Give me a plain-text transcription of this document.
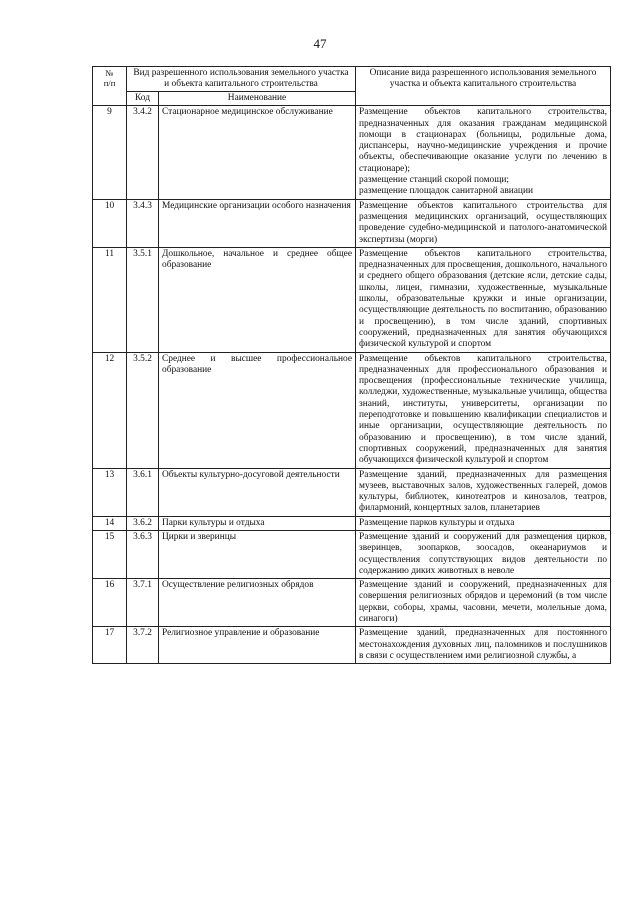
47
№
п/п	Вид разрешенного использования земельного участка и объекта капитального строительства		Описание вида разрешенного использования земельного участка и объекта капитального строительства
	Код	Наименование	
9	3.4.2	Стационарное медицинское обслуживание	Размещение объектов капитального строительства, предназначенных для оказания гражданам медицинской помощи в стационарах (больницы, родильные дома, диспансеры, научно-медицинские учреждения и прочие объекты, обеспечивающие оказание услуги по лечению в стационаре);

размещение станций скорой помощи;

размещение площадок санитарной авиации

10	3.4.3	Медицинские организации особого назначения	Размещение объектов капитального строительства для размещения медицинских организаций, осуществляющих проведение судебно-медицинской и патолого-анатомической экспертизы (морги)

11	3.5.1	Дошкольное, начальное и среднее общее образование	Размещение объектов капитального строительства, предназначенных для просвещения, дошкольного, начального и среднего общего образования (детские ясли, детские сады, школы, лицеи, гимназии, художественные, музыкальные школы, образовательные кружки и иные организации, осуществляющие деятельность по воспитанию, образованию и просвещению), в том числе зданий, спортивных сооружений, предназначенных для занятия обучающихся физической культурой и спортом

12	3.5.2	Среднее и высшее профессиональное образование	Размещение объектов капитального строительства, предназначенных для профессионального образования и просвещения (профессиональные технические училища, колледжи, художественные, музыкальные училища, общества знаний, институты, университеты, организации по переподготовке и повышению квалификации специалистов и иные организации, осуществляющие деятельность по образованию и просвещению), в том числе зданий, спортивных сооружений, предназначенных для занятия обучающихся физической культурой и спортом

13	3.6.1	Объекты культурно-досуговой деятельности	Размещение зданий, предназначенных для размещения музеев, выставочных залов, художественных галерей, домов культуры, библиотек, кинотеатров и кинозалов, театров, филармоний, концертных залов, планетариев

14	3.6.2	Парки культуры и отдыха	Размещение парков культуры и отдыха

15	3.6.3	Цирки и зверинцы	Размещение зданий и сооружений для размещения цирков, зверинцев, зоопарков, зоосадов, океанариумов и осуществления сопутствующих видов деятельности по содержанию диких животных в неволе

16	3.7.1	Осуществление религиозных обрядов	Размещение зданий и сооружений, предназначенных для совершения религиозных обрядов и церемоний (в том числе церкви, соборы, храмы, часовни, мечети, молельные дома, синагоги)

17	3.7.2	Религиозное управление и образование	Размещение зданий, предназначенных для постоянного местонахождения духовных лиц, паломников и послушников в связи с осуществлением ими религиозной службы, а
